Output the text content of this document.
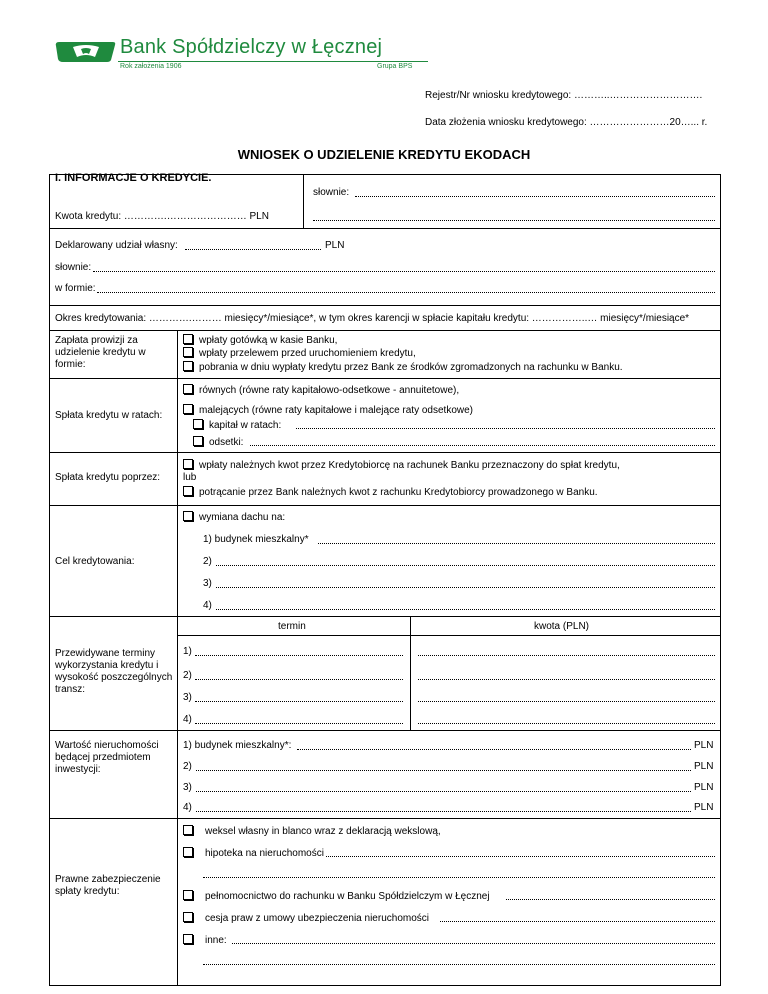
Bank Spółdzielczy w Łęcznej
Rok założenia 1906	Grupa BPS
Rejestr/Nr wniosku kredytowego: ………..……………………….
Data złożenia wniosku kredytowego: ……………………20…... r.
WNIOSEK O UDZIELENIE KREDYTU EKODACH
I. INFORMACJE O KREDYCIE.
słownie:
Kwota kredytu: ………….…………………… PLN
Deklarowany udział własny:	PLN
słownie:
w formie:
Okres kredytowania: ………….……… miesięcy*/miesiące*, w tym okres karencji w spłacie kapitału kredytu: ……………..… miesięcy*/miesiące*
Zapłata prowizji za udzielenie kredytu w formie:
wpłaty gotówką w kasie Banku,
wpłaty przelewem przed uruchomieniem kredytu,
pobrania w dniu wypłaty kredytu przez Bank ze środków zgromadzonych na rachunku w Banku.
Spłata kredytu w ratach:
równych (równe raty kapitałowo-odsetkowe - annuitetowe),
malejących (równe raty kapitałowe i malejące raty odsetkowe)
kapitał w ratach:
odsetki:
Spłata kredytu poprzez:
wpłaty należnych kwot przez Kredytobiorcę na rachunek Banku przeznaczony do spłat kredytu,
lub
potrącanie przez Bank należnych kwot z rachunku Kredytobiorcy prowadzonego w Banku.
Cel kredytowania:
wymiana dachu na:
1) budynek mieszkalny*
2)
3)
4)
Przewidywane terminy wykorzystania kredytu i wysokość poszczególnych transz:
termin	kwota (PLN)
1)
2)
3)
4)
Wartość nieruchomości będącej przedmiotem inwestycji:
1) budynek mieszkalny*:	PLN
2)	PLN
3)	PLN
4)	PLN
Prawne zabezpieczenie spłaty kredytu:
weksel własny in blanco wraz z deklaracją wekslową,
hipoteka na nieruchomości
pełnomocnictwo do rachunku w Banku Spółdzielczym w Łęcznej
cesja praw z umowy ubezpieczenia nieruchomości
inne:
